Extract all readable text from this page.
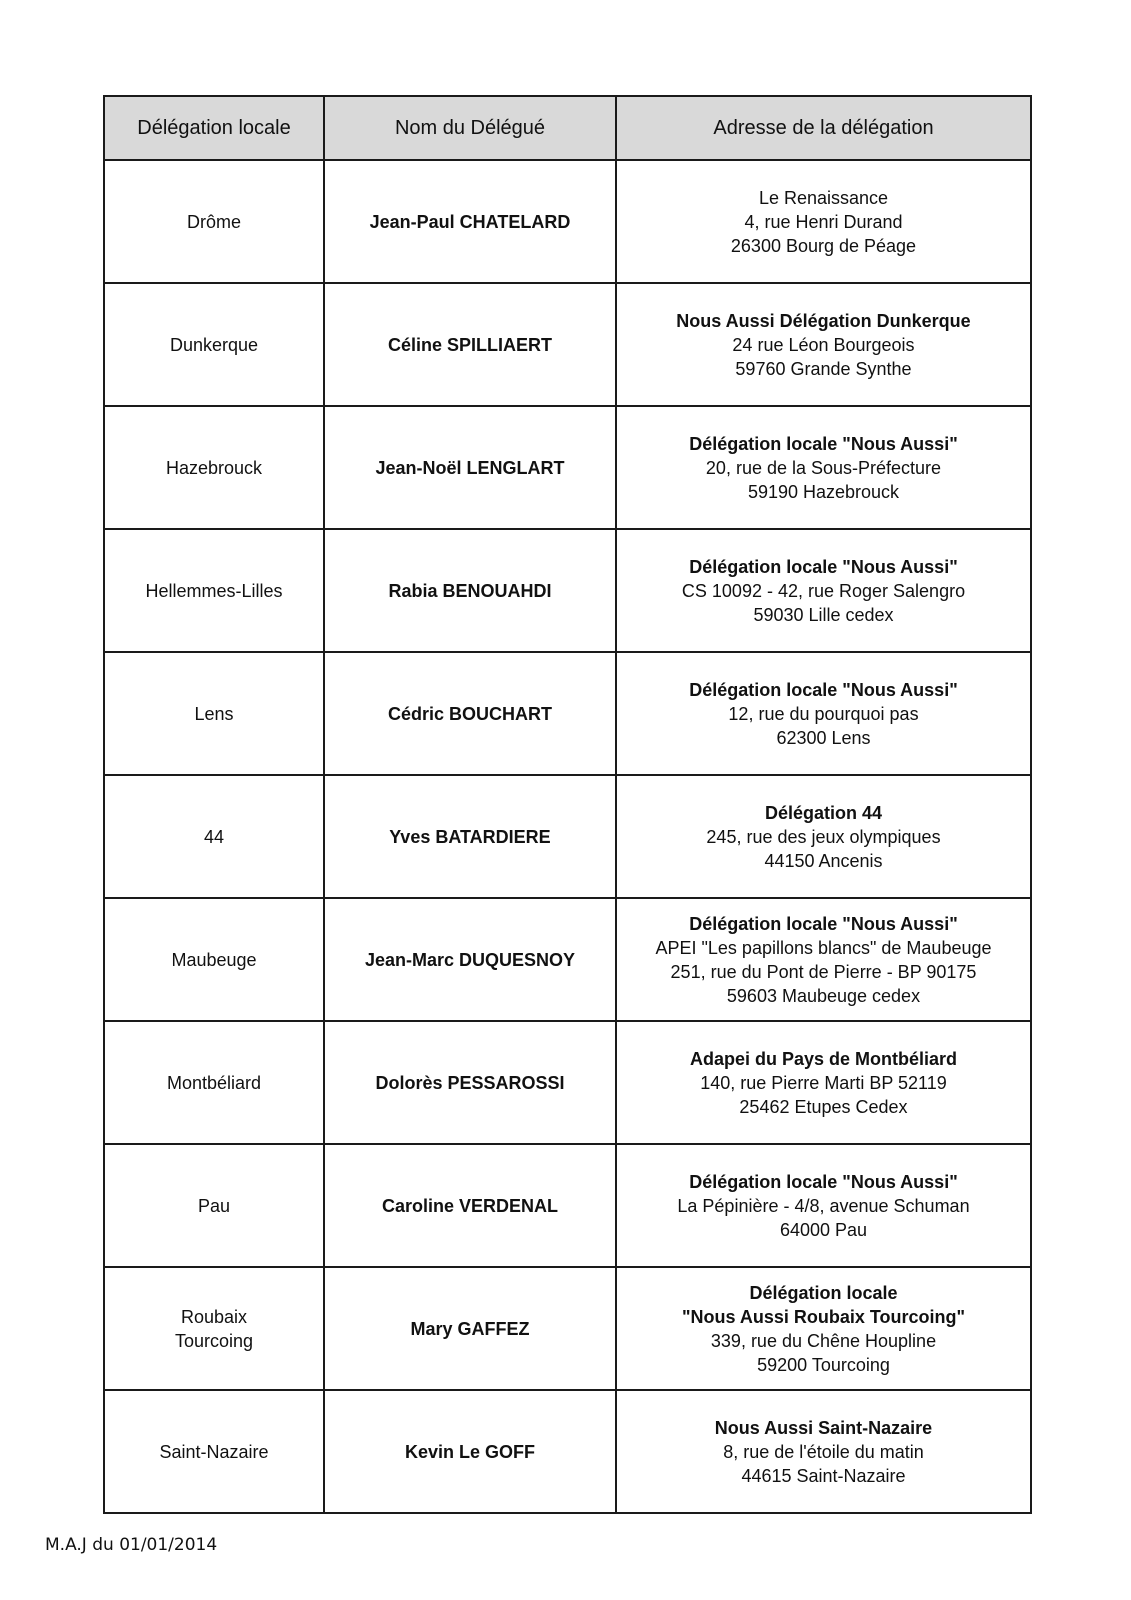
Délégation locale	Nom du Délégué	Adresse de la délégation

Drôme	Jean-Paul CHATELARD	Le Renaissance
4, rue Henri Durand
26300 Bourg de Péage

Dunkerque	Céline SPILLIAERT	Nous Aussi Délégation Dunkerque
24 rue Léon Bourgeois
59760 Grande Synthe

Hazebrouck	Jean-Noël LENGLART	Délégation locale "Nous Aussi"
20, rue de la Sous-Préfecture
59190 Hazebrouck

Hellemmes-Lilles	Rabia BENOUAHDI	Délégation locale "Nous Aussi"
CS 10092 - 42, rue Roger Salengro
59030 Lille cedex

Lens	Cédric BOUCHART	Délégation locale "Nous Aussi"
12, rue du pourquoi pas
62300 Lens

44	Yves BATARDIERE	Délégation 44
245, rue des jeux olympiques
44150 Ancenis

Maubeuge	Jean-Marc DUQUESNOY	Délégation locale "Nous Aussi"
APEI "Les papillons blancs" de Maubeuge
251, rue du Pont de Pierre - BP 90175
59603 Maubeuge cedex

Montbéliard	Dolorès PESSAROSSI	Adapei du Pays de Montbéliard
140, rue Pierre Marti BP 52119
25462 Etupes Cedex

Pau	Caroline VERDENAL	Délégation locale "Nous Aussi"
La Pépinière - 4/8, avenue Schuman
64000 Pau

Roubaix
Tourcoing	Mary GAFFEZ	Délégation locale
"Nous Aussi Roubaix Tourcoing"
339, rue du Chêne Houpline
59200 Tourcoing

Saint-Nazaire	Kevin Le GOFF	Nous Aussi Saint-Nazaire
8, rue de l'étoile du matin
44615 Saint-Nazaire
M.A.J du 01/01/2014
